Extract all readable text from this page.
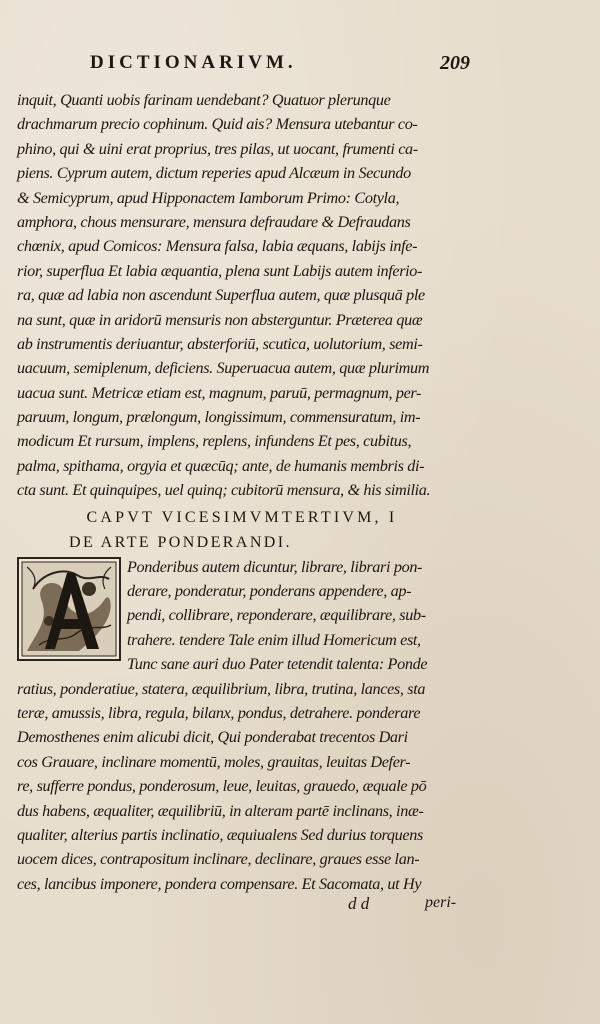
DICTIONARIVM.	209
inquit, Quanti uobis farinam uendebant? Quatuor plerunque
drachmarum precio cophinum. Quid ais? Mensura utebantur co-
phino, qui & uini erat proprius, tres pilas, ut uocant, frumenti ca-
piens. Cyprum autem, dictum reperies apud Alcæum in Secundo
& Semicyprum, apud Hipponactem Iamborum Primo: Cotyla,
amphora, chous mensurare, mensura defraudare & Defraudans
chœnix, apud Comicos: Mensura falsa, labia æquans, labijs infe-
rior, superflua Et labia æquantia, plena sunt Labijs autem inferio-
ra, quæ ad labia non ascendunt Superflua autem, quæ plusquā ple
na sunt, quæ in aridorū mensuris non absterguntur. Præterea quæ
ab instrumentis deriuantur, absterforiū, scutica, uolutorium, semi-
uacuum, semiplenum, deficiens. Superuacua autem, quæ plurimum
uacua sunt. Metricæ etiam est, magnum, paruū, permagnum, per-
paruum, longum, prælongum, longissimum, commensuratum, im-
modicum Et rursum, implens, replens, infundens Et pes, cubitus,
palma, spithama, orgyia et quæcūq; ante, de humanis membris di-
cta sunt. Et quinquipes, uel quinq; cubitorū mensura, & his similia.
CAPVT VICESIMVMTERTIVM, I
DE ARTE PONDERANDI.
Ponderibus autem dicuntur, librare, librari pon-
derare, ponderatur, ponderans appendere, ap-
pendi, collibrare, reponderare, æquilibrare, sub-
trahere. tendere Tale enim illud Homericum est,
Tunc sane auri duo Pater tetendit talenta: Ponde
ratius, ponderatiue, statera, æquilibrium, libra, trutina, lances, sta
teræ, amussis, libra, regula, bilanx, pondus, detrahere. ponderare
Demosthenes enim alicubi dicit, Qui ponderabat trecentos Dari
cos Grauare, inclinare momentū, moles, grauitas, leuitas Defer-
re, sufferre pondus, ponderosum, leue, leuitas, grauedo, æquale pō
dus habens, æqualiter, æquilibriū, in alteram partē inclinans, inæ-
qualiter, alterius partis inclinatio, æquiualens Sed durius torquens
uocem dices, contrapositum inclinare, declinare, graues esse lan-
ces, lancibus imponere, pondera compensare. Et Sacomata, ut Hy
d d	peri-
